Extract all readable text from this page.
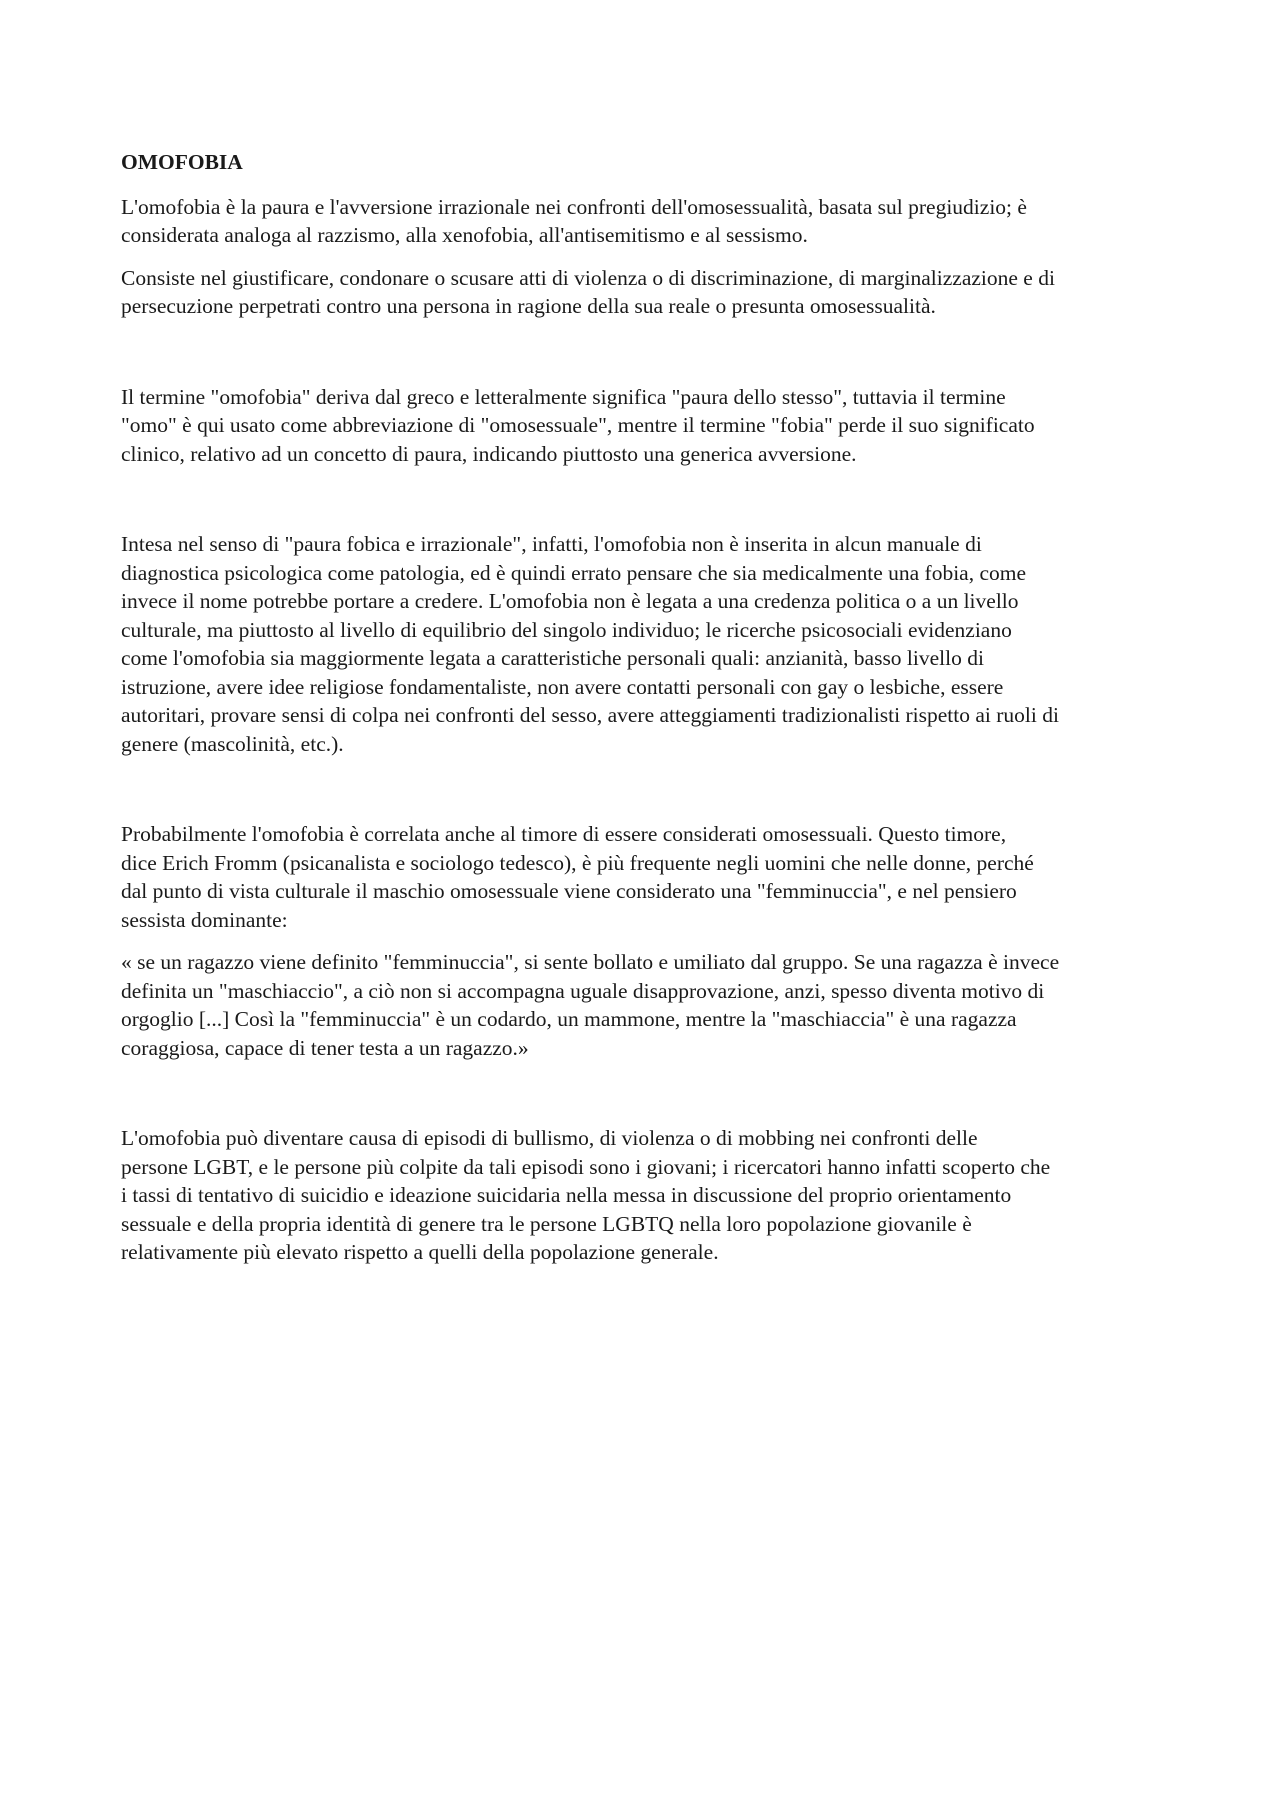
OMOFOBIA

L'omofobia è la paura e l'avversione irrazionale nei confronti dell'omosessualità, basata sul pregiudizio; è
considerata analoga al razzismo, alla xenofobia, all'antisemitismo e al sessismo.

Consiste nel giustificare, condonare o scusare atti di violenza o di discriminazione, di marginalizzazione e di
persecuzione perpetrati contro una persona in ragione della sua reale o presunta omosessualità.

Il termine "omofobia" deriva dal greco e letteralmente significa "paura dello stesso", tuttavia il termine
"omo" è qui usato come abbreviazione di "omosessuale", mentre il termine "fobia" perde il suo significato
clinico, relativo ad un concetto di paura, indicando piuttosto una generica avversione.

Intesa nel senso di "paura fobica e irrazionale", infatti, l'omofobia non è inserita in alcun manuale di
diagnostica psicologica come patologia, ed è quindi errato pensare che sia medicalmente una fobia, come
invece il nome potrebbe portare a credere. L'omofobia non è legata a una credenza politica o a un livello
culturale, ma piuttosto al livello di equilibrio del singolo individuo; le ricerche psicosociali evidenziano
come l'omofobia sia maggiormente legata a caratteristiche personali quali: anzianità, basso livello di
istruzione, avere idee religiose fondamentaliste, non avere contatti personali con gay o lesbiche, essere
autoritari, provare sensi di colpa nei confronti del sesso, avere atteggiamenti tradizionalisti rispetto ai ruoli di
genere (mascolinità, etc.).

Probabilmente l'omofobia è correlata anche al timore di essere considerati omosessuali. Questo timore,
dice Erich Fromm (psicanalista e sociologo tedesco), è più frequente negli uomini che nelle donne, perché
dal punto di vista culturale il maschio omosessuale viene considerato una "femminuccia", e nel pensiero
sessista dominante:

« se un ragazzo viene definito "femminuccia", si sente bollato e umiliato dal gruppo. Se una ragazza è invece
definita un "maschiaccio", a ciò non si accompagna uguale disapprovazione, anzi, spesso diventa motivo di
orgoglio [...] Così la "femminuccia" è un codardo, un mammone, mentre la "maschiaccia" è una ragazza
coraggiosa, capace di tener testa a un ragazzo.»

L'omofobia può diventare causa di episodi di bullismo, di violenza o di mobbing nei confronti delle
persone LGBT, e le persone più colpite da tali episodi sono i giovani; i ricercatori hanno infatti scoperto che
i tassi di tentativo di suicidio e ideazione suicidaria nella messa in discussione del proprio orientamento
sessuale e della propria identità di genere tra le persone LGBTQ nella loro popolazione giovanile è
relativamente più elevato rispetto a quelli della popolazione generale.
